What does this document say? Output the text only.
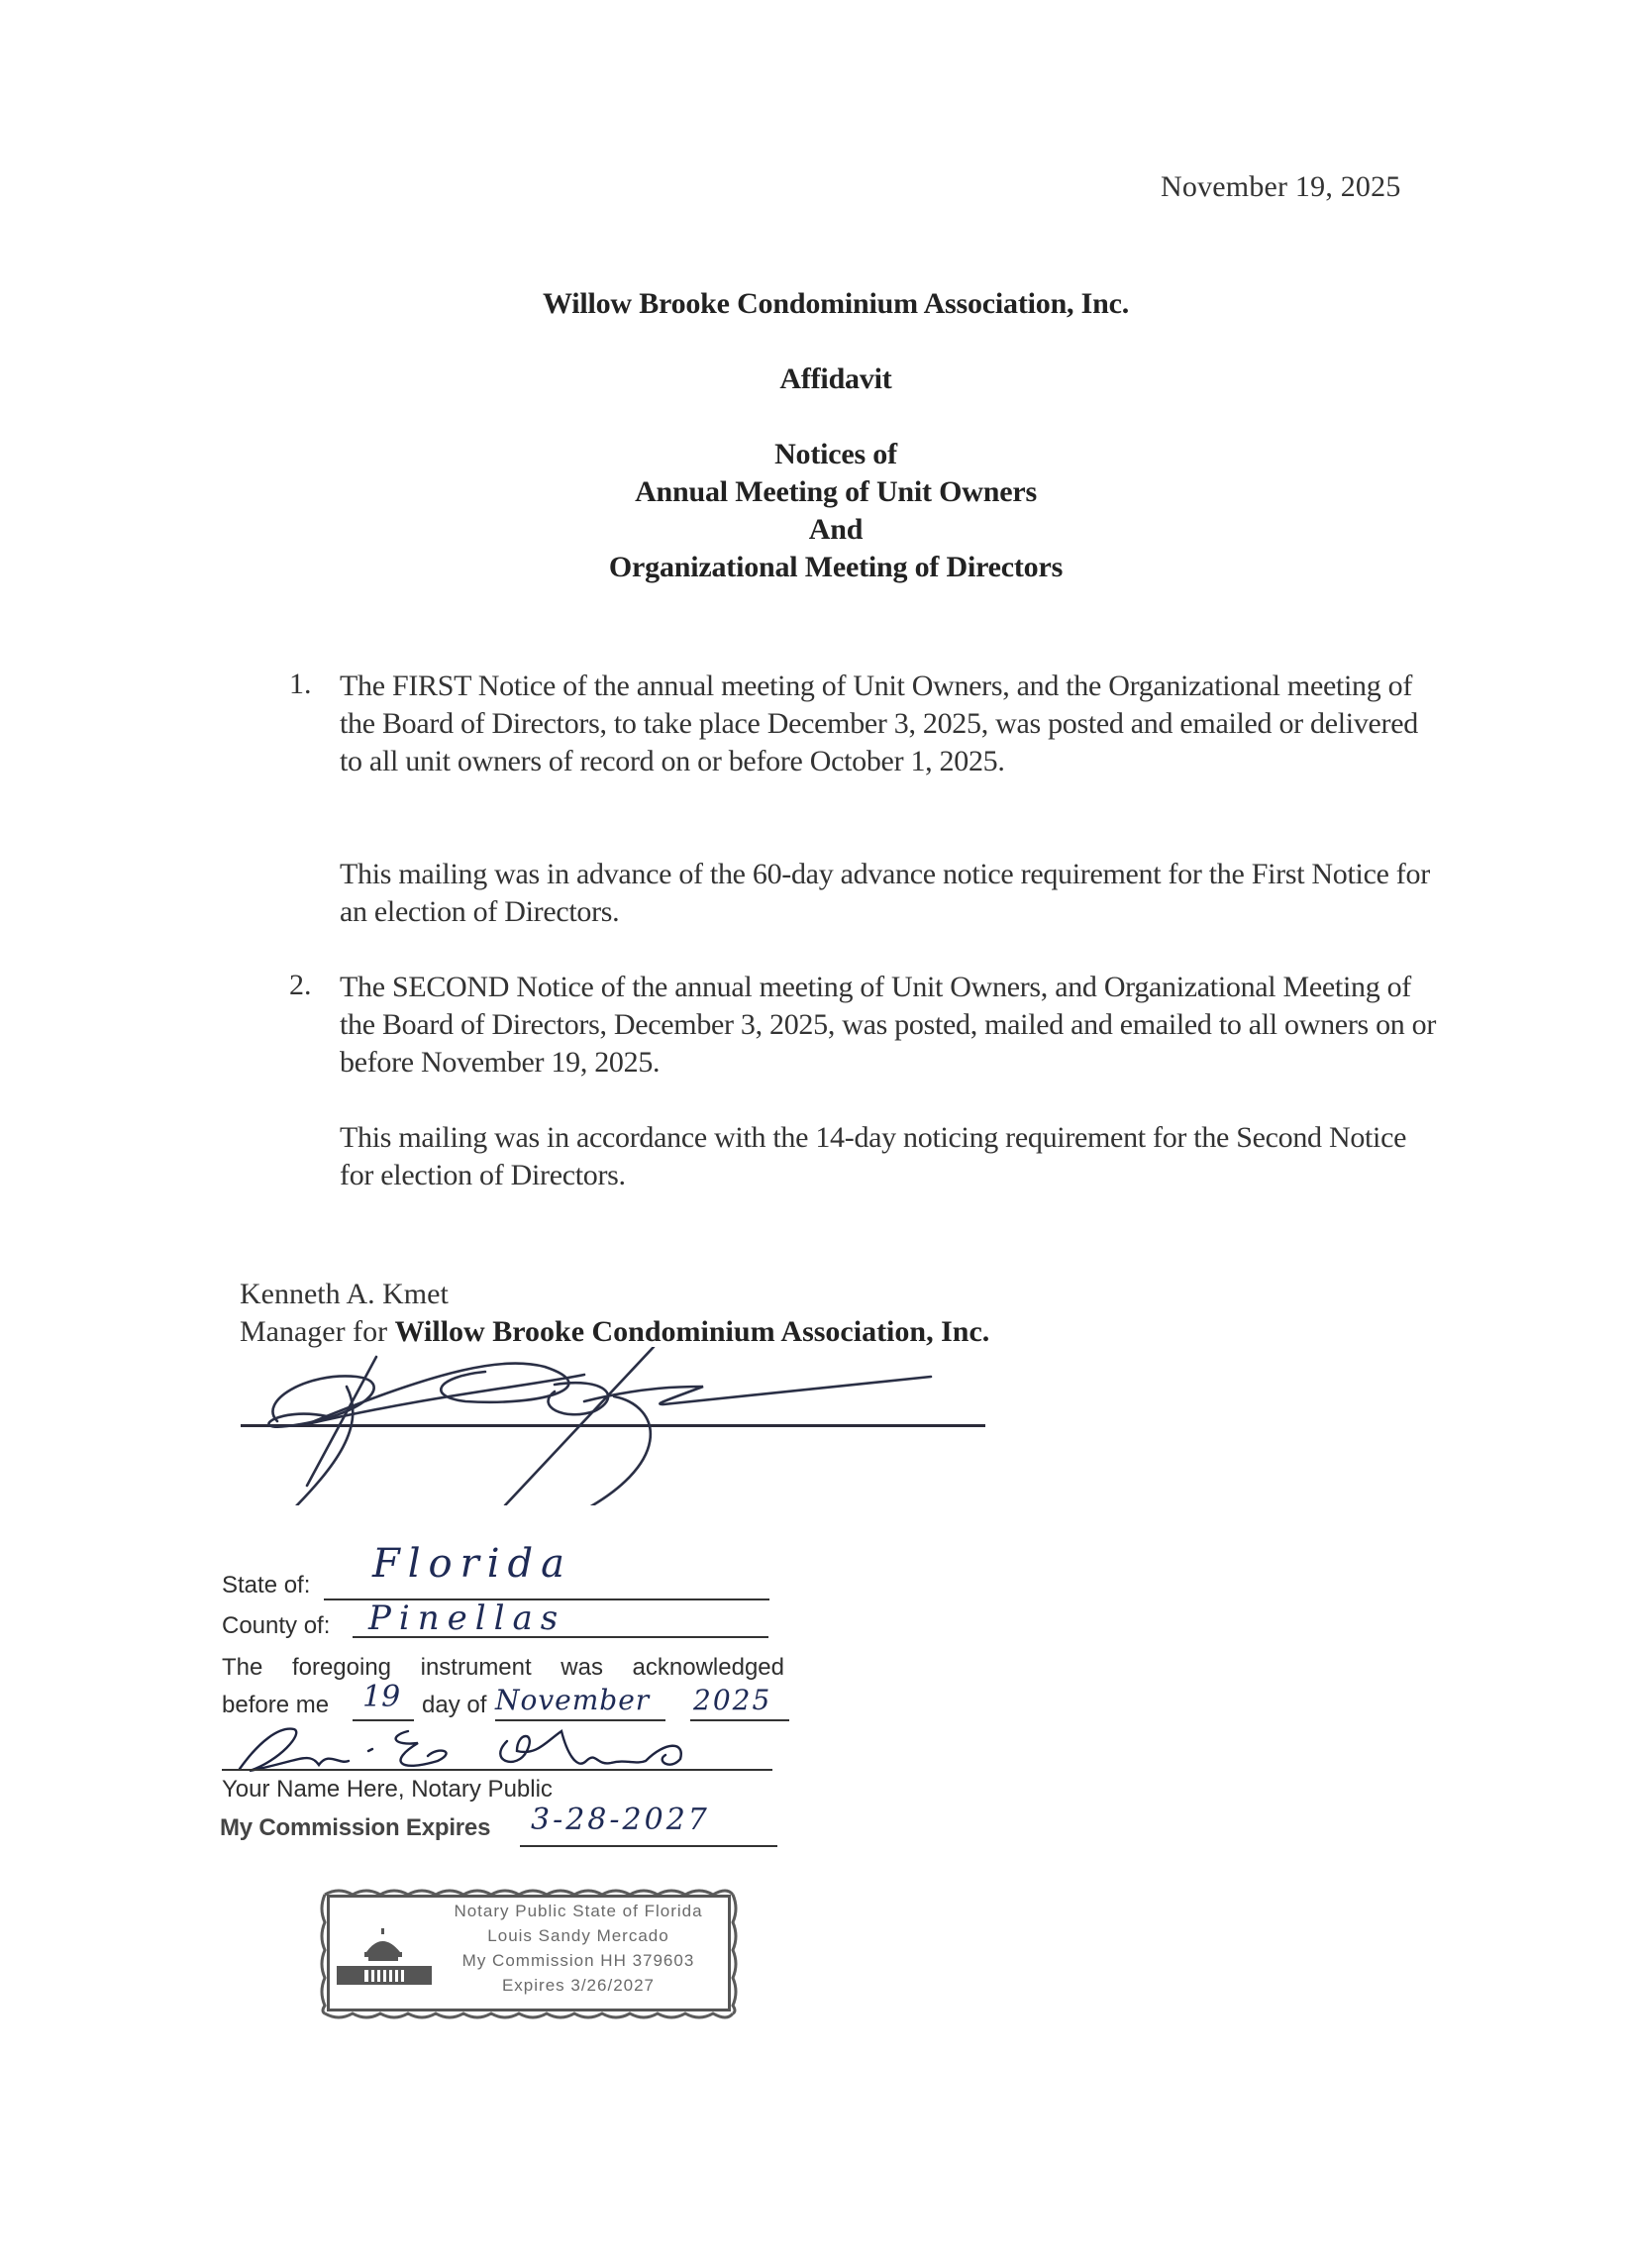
November 19, 2025
Willow Brooke Condominium Association, Inc.
Affidavit
Notices of
Annual Meeting of Unit Owners
And
Organizational Meeting of Directors
1. The FIRST Notice of the annual meeting of Unit Owners, and the Organizational meeting of the Board of Directors, to take place December 3, 2025, was posted and emailed or delivered to all unit owners of record on or before October 1, 2025.
This mailing was in advance of the 60-day advance notice requirement for the First Notice for an election of Directors.
2. The SECOND Notice of the annual meeting of Unit Owners, and Organizational Meeting of the Board of Directors, December 3, 2025, was posted, mailed and emailed to all owners on or before November 19, 2025.
This mailing was in accordance with the 14-day noticing requirement for the Second Notice for election of Directors.
Kenneth A. Kmet
Manager for Willow Brooke Condominium Association, Inc.
State of: Florida
County of: Pinellas
The foregoing instrument was acknowledged
before me 19 day of November 2025
Your Name Here, Notary Public
My Commission Expires 3-28-2027
Notary Public State of Florida
Louis Sandy Mercado
My Commission HH 379603
Expires 3/26/2027
